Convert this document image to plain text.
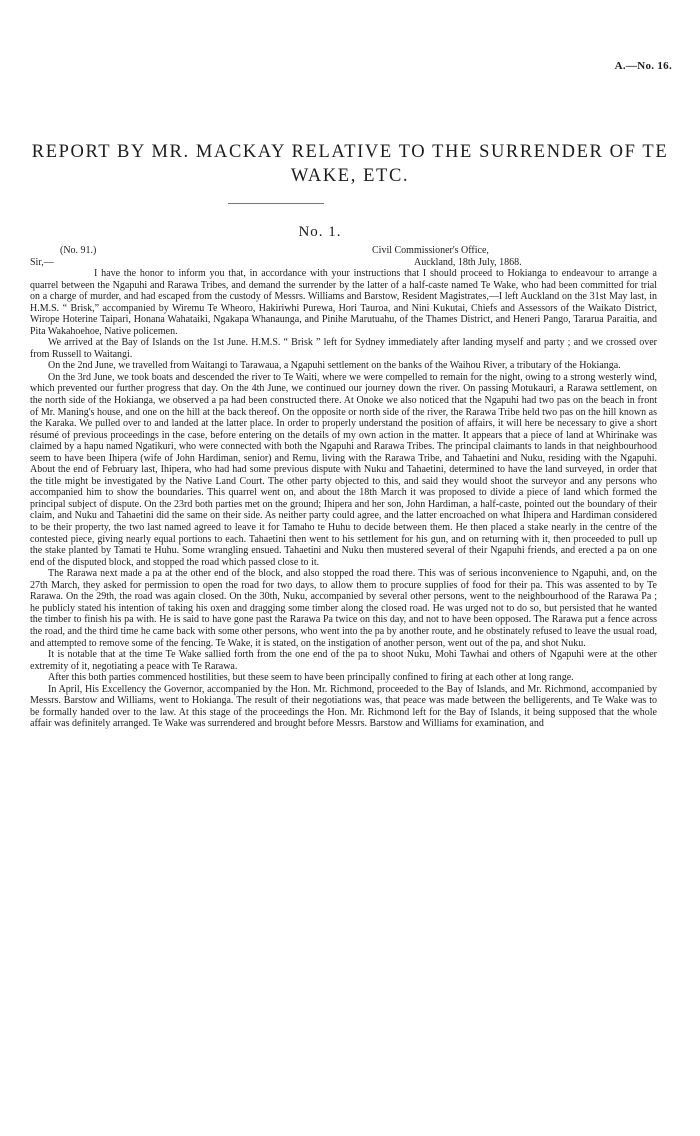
A.—No. 16.
REPORT BY MR. MACKAY RELATIVE TO THE SURRENDER OF TE WAKE, ETC.
No. 1.
(No. 91.)	Civil Commissioner's Office,
Sir,—	Auckland, 18th July, 1868.

I have the honor to inform you that, in accordance with your instructions that I should proceed to Hokianga to endeavour to arrange a quarrel between the Ngapuhi and Rarawa Tribes, and demand the surrender by the latter of a half-caste named Te Wake, who had been committed for trial on a charge of murder, and had escaped from the custody of Messrs. Williams and Barstow, Resident Magistrates,—I left Auckland on the 31st May last, in H.M.S. “ Brisk,” accompanied by Wiremu Te Wheoro, Hakiriwhi Purewa, Hori Tauroa, and Nini Kukutai, Chiefs and Assessors of the Waikato District, Wirope Hoterine Taipari, Honana Wahataiki, Ngakapa Whanaunga, and Pinihe Marutuahu, of the Thames District, and Heneri Pango, Tararua Paraitia, and Pita Wakahoehoe, Native policemen.

We arrived at the Bay of Islands on the 1st June. H.M.S. “ Brisk ” left for Sydney immediately after landing myself and party ; and we crossed over from Russell to Waitangi.

On the 2nd June, we travelled from Waitangi to Tarawaua, a Ngapuhi settlement on the banks of the Waihou River, a tributary of the Hokianga.

On the 3rd June, we took boats and descended the river to Te Waiti, where we were compelled to remain for the night, owing to a strong westerly wind, which prevented our further progress that day. On the 4th June, we continued our journey down the river. On passing Motukauri, a Rarawa settlement, on the north side of the Hokianga, we observed a pa had been constructed there. At Onoke we also noticed that the Ngapuhi had two pas on the beach in front of Mr. Maning's house, and one on the hill at the back thereof. On the opposite or north side of the river, the Rarawa Tribe held two pas on the hill known as the Karaka. We pulled over to and landed at the latter place. In order to properly understand the position of affairs, it will here be necessary to give a short résumé of previous proceedings in the case, before entering on the details of my own action in the matter. It appears that a piece of land at Whirinake was claimed by a hapu named Ngatikuri, who were connected with both the Ngapuhi and Rarawa Tribes. The principal claimants to lands in that neighbourhood seem to have been Ihipera (wife of John Hardiman, senior) and Remu, living with the Rarawa Tribe, and Tahaetini and Nuku, residing with the Ngapuhi. About the end of February last, Ihipera, who had had some previous dispute with Nuku and Tahaetini, determined to have the land surveyed, in order that the title might be investigated by the Native Land Court. The other party objected to this, and said they would shoot the surveyor and any persons who accompanied him to show the boundaries. This quarrel went on, and about the 18th March it was proposed to divide a piece of land which formed the principal subject of dispute. On the 23rd both parties met on the ground; Ihipera and her son, John Hardiman, a half-caste, pointed out the boundary of their claim, and Nuku and Tahaetini did the same on their side. As neither party could agree, and the latter encroached on what Ihipera and Hardiman considered to be their property, the two last named agreed to leave it for Tamaho te Huhu to decide between them. He then placed a stake nearly in the centre of the contested piece, giving nearly equal portions to each. Tahaetini then went to his settlement for his gun, and on returning with it, then proceeded to pull up the stake planted by Tamati te Huhu. Some wrangling ensued. Tahaetini and Nuku then mustered several of their Ngapuhi friends, and erected a pa on one end of the disputed block, and stopped the road which passed close to it.

The Rarawa next made a pa at the other end of the block, and also stopped the road there. This was of serious inconvenience to Ngapuhi, and, on the 27th March, they asked for permission to open the road for two days, to allow them to procure supplies of food for their pa. This was assented to by Te Rarawa. On the 29th, the road was again closed. On the 30th, Nuku, accompanied by several other persons, went to the neighbourhood of the Rarawa Pa ; he publicly stated his intention of taking his oxen and dragging some timber along the closed road. He was urged not to do so, but persisted that he wanted the timber to finish his pa with. He is said to have gone past the Rarawa Pa twice on this day, and not to have been opposed. The Rarawa put a fence across the road, and the third time he came back with some other persons, who went into the pa by another route, and he obstinately refused to leave the usual road, and attempted to remove some of the fencing. Te Wake, it is stated, on the instigation of another person, went out of the pa, and shot Nuku.

It is notable that at the time Te Wake sallied forth from the one end of the pa to shoot Nuku, Mohi Tawhai and others of Ngapuhi were at the other extremity of it, negotiating a peace with Te Rarawa.

After this both parties commenced hostilities, but these seem to have been principally confined to firing at each other at long range.

In April, His Excellency the Governor, accompanied by the Hon. Mr. Richmond, proceeded to the Bay of Islands, and Mr. Richmond, accompanied by Messrs. Barstow and Williams, went to Hokianga. The result of their negotiations was, that peace was made between the belligerents, and Te Wake was to be formally handed over to the law. At this stage of the proceedings the Hon. Mr. Richmond left for the Bay of Islands, it being supposed that the whole affair was definitely arranged. Te Wake was surrendered and brought before Messrs. Barstow and Williams for examination, and
